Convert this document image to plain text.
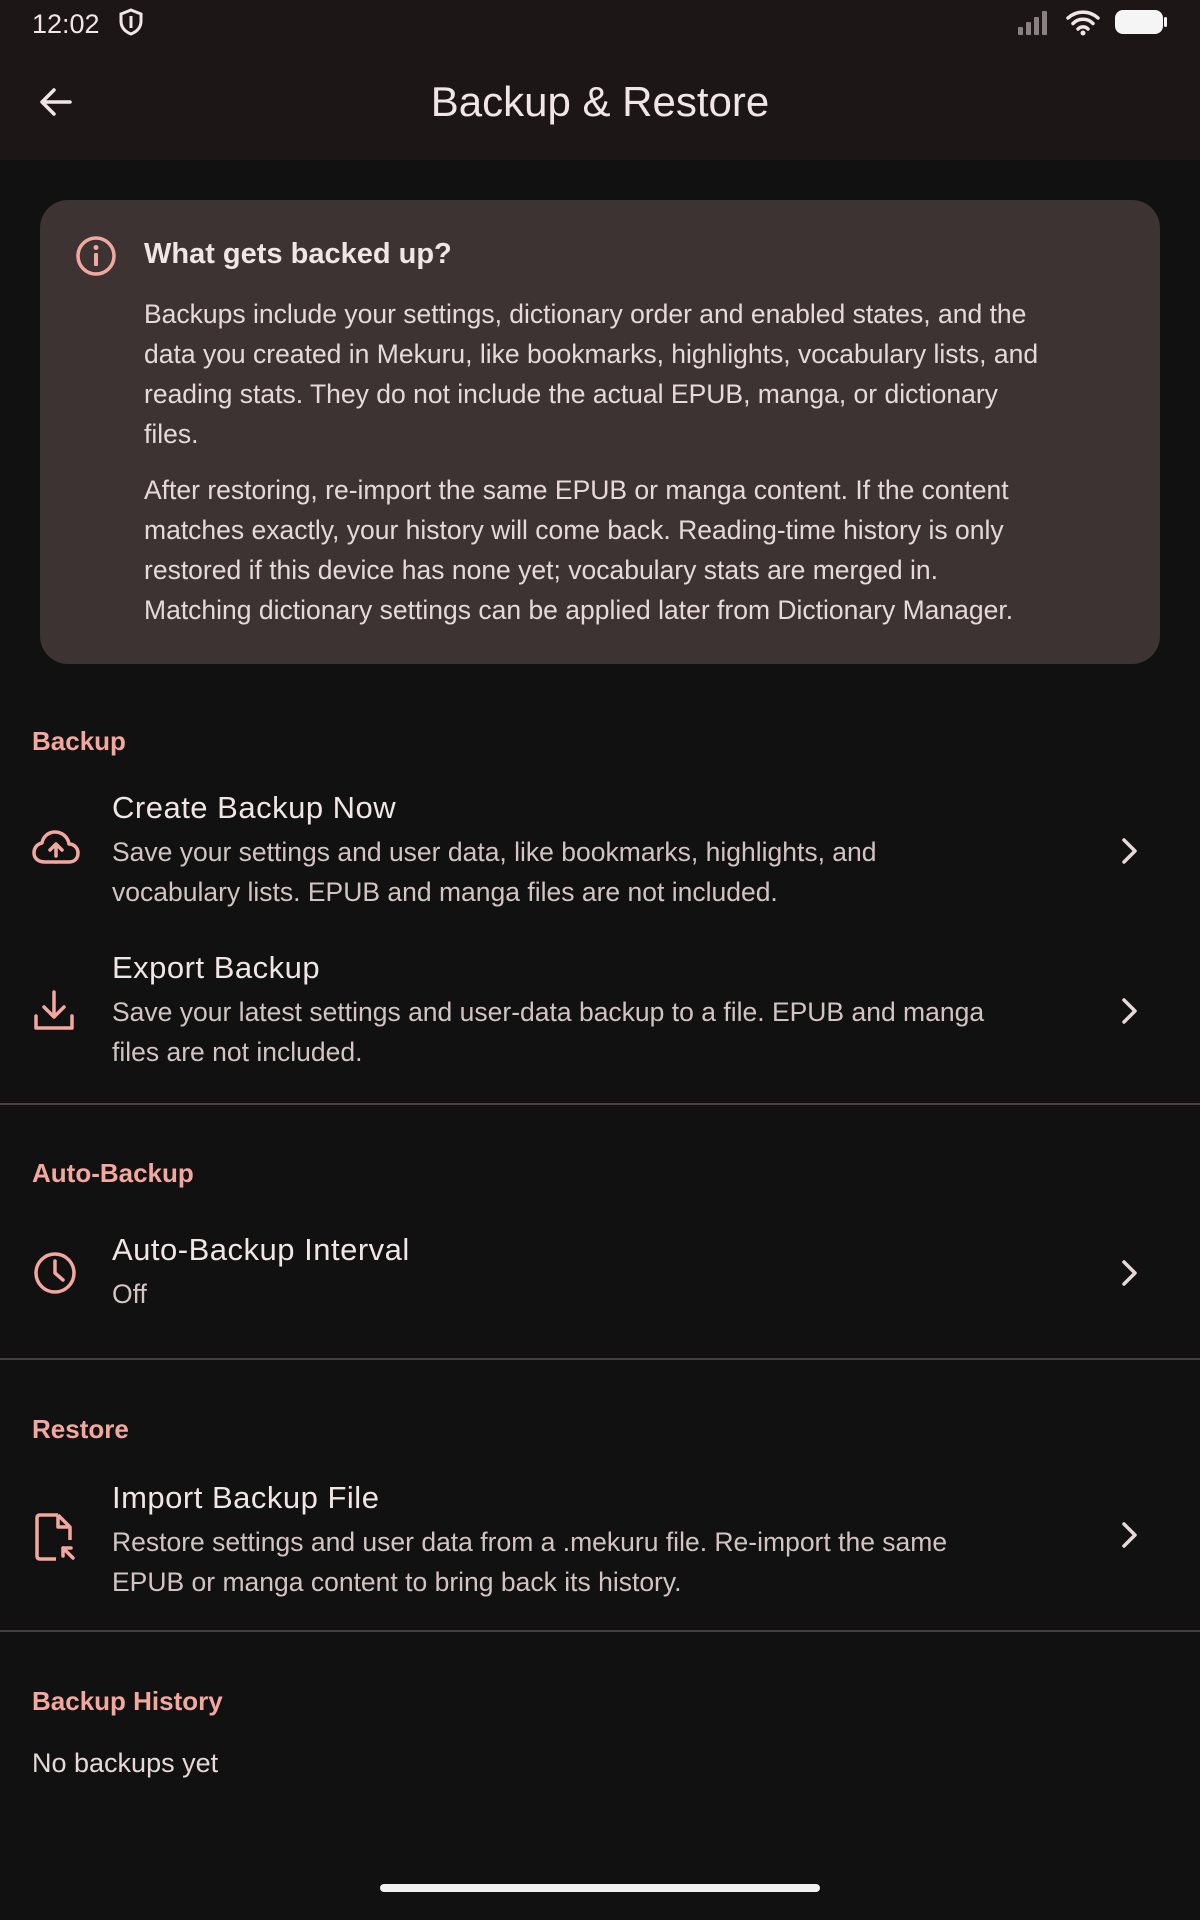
12:02
Backup & Restore
What gets backed up?
Backups include your settings, dictionary order and enabled states, and the
data you created in Mekuru, like bookmarks, highlights, vocabulary lists, and
reading stats. They do not include the actual EPUB, manga, or dictionary
files.
After restoring, re-import the same EPUB or manga content. If the content
matches exactly, your history will come back. Reading-time history is only
restored if this device has none yet; vocabulary stats are merged in.
Matching dictionary settings can be applied later from Dictionary Manager.
Backup
Create Backup Now
Save your settings and user data, like bookmarks, highlights, and
vocabulary lists. EPUB and manga files are not included.
Export Backup
Save your latest settings and user-data backup to a file. EPUB and manga
files are not included.
Auto-Backup
Auto-Backup Interval
Off
Restore
Import Backup File
Restore settings and user data from a .mekuru file. Re-import the same
EPUB or manga content to bring back its history.
Backup History
No backups yet
